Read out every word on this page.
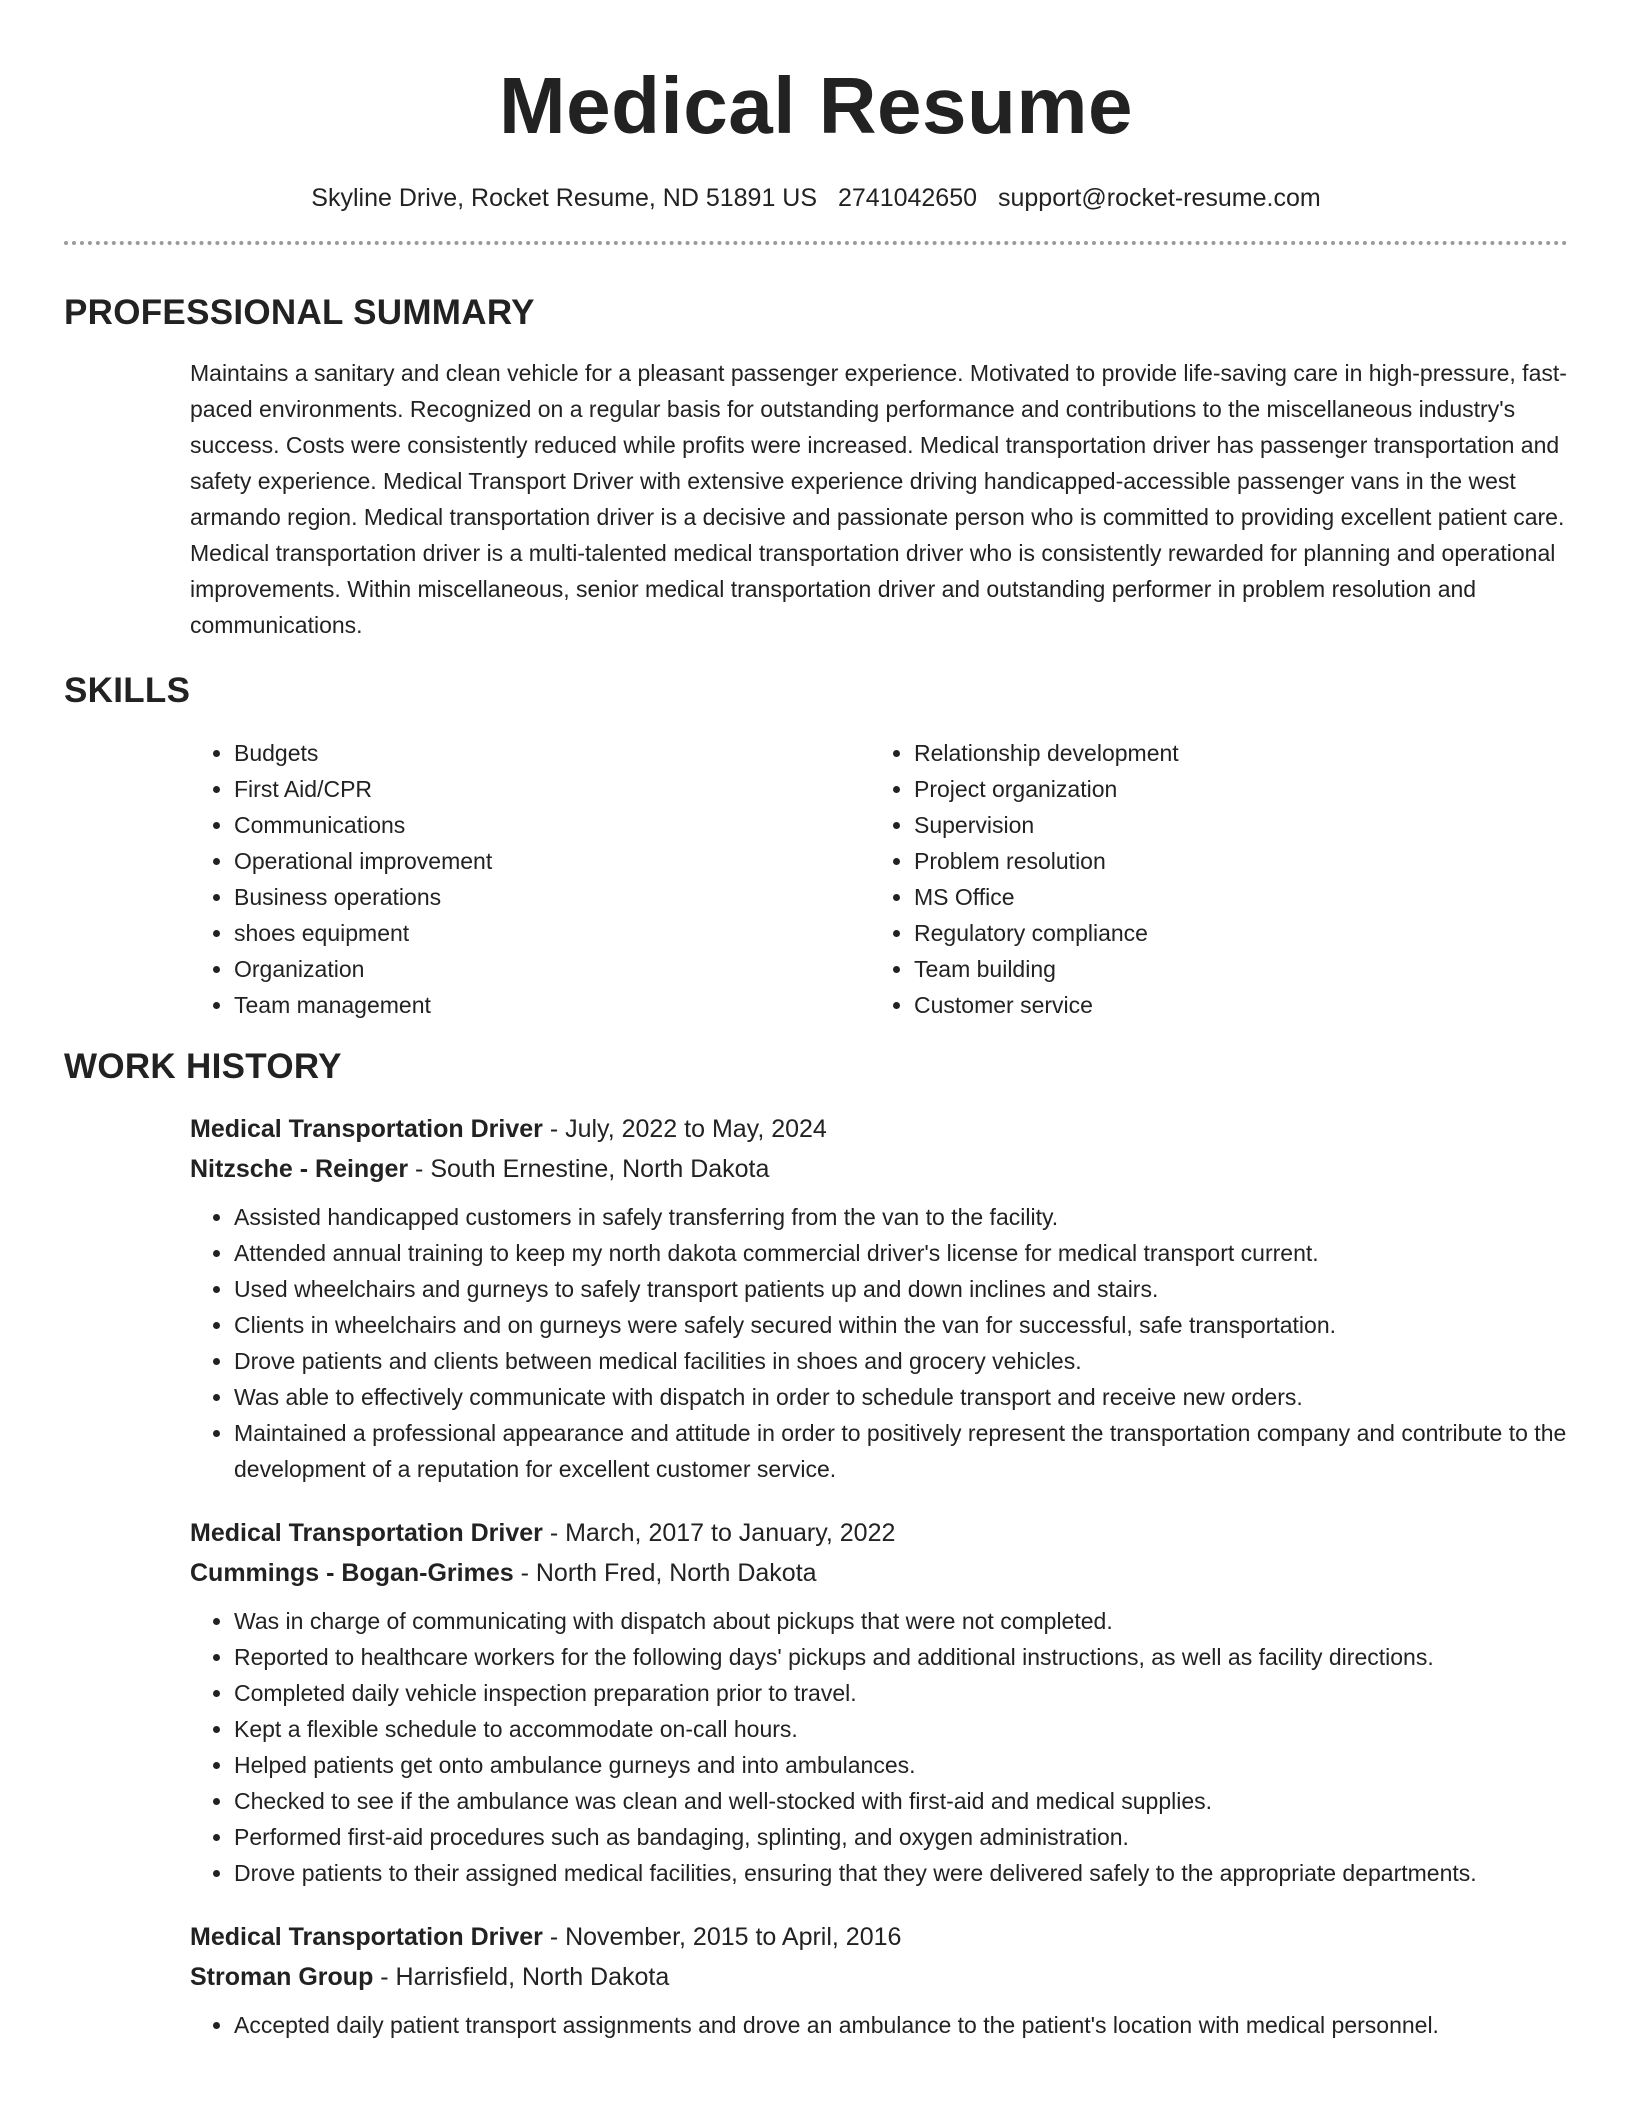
Medical Resume
Skyline Drive, Rocket Resume, ND 51891 US 2741042650 support@rocket-resume.com
PROFESSIONAL SUMMARY
Maintains a sanitary and clean vehicle for a pleasant passenger experience. Motivated to provide life-saving care in high-pressure, fast-paced environments. Recognized on a regular basis for outstanding performance and contributions to the miscellaneous industry's success. Costs were consistently reduced while profits were increased. Medical transportation driver has passenger transportation and safety experience. Medical Transport Driver with extensive experience driving handicapped-accessible passenger vans in the west armando region. Medical transportation driver is a decisive and passionate person who is committed to providing excellent patient care. Medical transportation driver is a multi-talented medical transportation driver who is consistently rewarded for planning and operational improvements. Within miscellaneous, senior medical transportation driver and outstanding performer in problem resolution and communications.
SKILLS
• Budgets
• First Aid/CPR
• Communications
• Operational improvement
• Business operations
• shoes equipment
• Organization
• Team management
• Relationship development
• Project organization
• Supervision
• Problem resolution
• MS Office
• Regulatory compliance
• Team building
• Customer service
WORK HISTORY
Medical Transportation Driver - July, 2022 to May, 2024
Nitzsche - Reinger - South Ernestine, North Dakota
• Assisted handicapped customers in safely transferring from the van to the facility.
• Attended annual training to keep my north dakota commercial driver's license for medical transport current.
• Used wheelchairs and gurneys to safely transport patients up and down inclines and stairs.
• Clients in wheelchairs and on gurneys were safely secured within the van for successful, safe transportation.
• Drove patients and clients between medical facilities in shoes and grocery vehicles.
• Was able to effectively communicate with dispatch in order to schedule transport and receive new orders.
• Maintained a professional appearance and attitude in order to positively represent the transportation company and contribute to the development of a reputation for excellent customer service.
Medical Transportation Driver - March, 2017 to January, 2022
Cummings - Bogan-Grimes - North Fred, North Dakota
• Was in charge of communicating with dispatch about pickups that were not completed.
• Reported to healthcare workers for the following days' pickups and additional instructions, as well as facility directions.
• Completed daily vehicle inspection preparation prior to travel.
• Kept a flexible schedule to accommodate on-call hours.
• Helped patients get onto ambulance gurneys and into ambulances.
• Checked to see if the ambulance was clean and well-stocked with first-aid and medical supplies.
• Performed first-aid procedures such as bandaging, splinting, and oxygen administration.
• Drove patients to their assigned medical facilities, ensuring that they were delivered safely to the appropriate departments.
Medical Transportation Driver - November, 2015 to April, 2016
Stroman Group - Harrisfield, North Dakota
• Accepted daily patient transport assignments and drove an ambulance to the patient's location with medical personnel.
